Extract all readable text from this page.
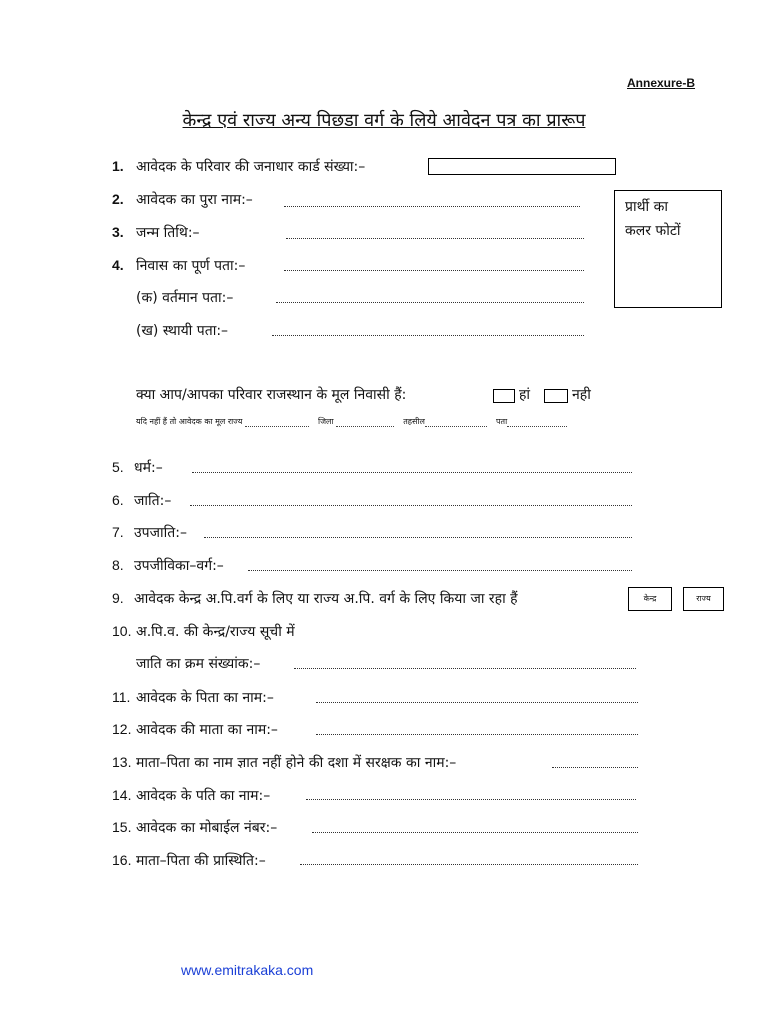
Annexure-B
केन्द्र एवं राज्य अन्य पिछडा वर्ग के लिये आवेदन पत्र का प्रारूप
1. आवेदक के परिवार की जनाधार कार्ड संख्या:–
2. आवेदक का पुरा नाम:–
3. जन्म तिथि:–
4. निवास का पूर्ण पता:–
(क) वर्तमान पता:–
(ख) स्थायी पता:–
प्रार्थी का
कलर फोटों
क्या आप/आपका परिवार राजस्थान के मूल निवासी हैं:	हां	नही
यदि नहीं हैं तो आवेदक का मूल राज्य	जिला	तहसील	पता
5. धर्म:–
6. जाति:–
7. उपजाति:–
8. उपजीविका–वर्ग:–
9. आवेदक केन्द्र अ.पि.वर्ग के लिए या राज्य अ.पि. वर्ग के लिए किया जा रहा हैं	केन्द्र	राज्य
10. अ.पि.व. की केन्द्र/राज्य सूची में
जाति का क्रम संख्यांक:–
11. आवेदक के पिता का नाम:–
12. आवेदक की माता का नाम:–
13. माता–पिता का नाम ज्ञात नहीं होने की दशा में सरक्षक का नाम:–
14. आवेदक के पति का नाम:–
15. आवेदक का मोबाईल नंबर:–
16. माता–पिता की प्रास्थिति:–
www.emitrakaka.com
